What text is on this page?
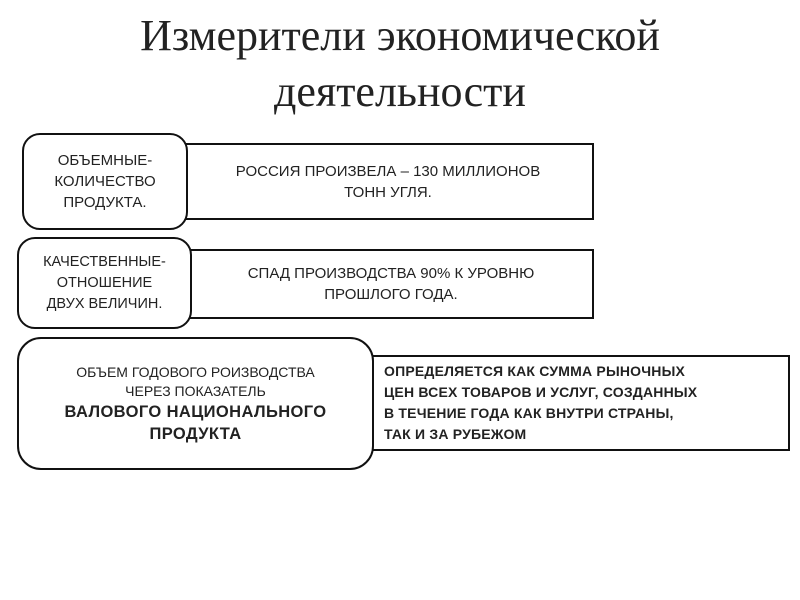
Измерители экономической
деятельности
РОССИЯ ПРОИЗВЕЛА – 130 МИЛЛИОНОВ
ТОНН УГЛЯ.
ОБЪЕМНЫЕ-
КОЛИЧЕСТВО
ПРОДУКТА.
СПАД ПРОИЗВОДСТВА 90% К УРОВНЮ
ПРОШЛОГО ГОДА.
КАЧЕСТВЕННЫЕ-
ОТНОШЕНИЕ
ДВУХ ВЕЛИЧИН.
ОПРЕДЕЛЯЕТСЯ КАК СУММА РЫНОЧНЫХ
ЦЕН ВСЕХ ТОВАРОВ И УСЛУГ, СОЗДАННЫХ
В ТЕЧЕНИЕ ГОДА КАК ВНУТРИ СТРАНЫ,
ТАК И ЗА РУБЕЖОМ
ОБЪЕМ ГОДОВОГО РОИЗВОДСТВА
ЧЕРЕЗ ПОКАЗАТЕЛЬ
ВАЛОВОГО НАЦИОНАЛЬНОГО
ПРОДУКТА
